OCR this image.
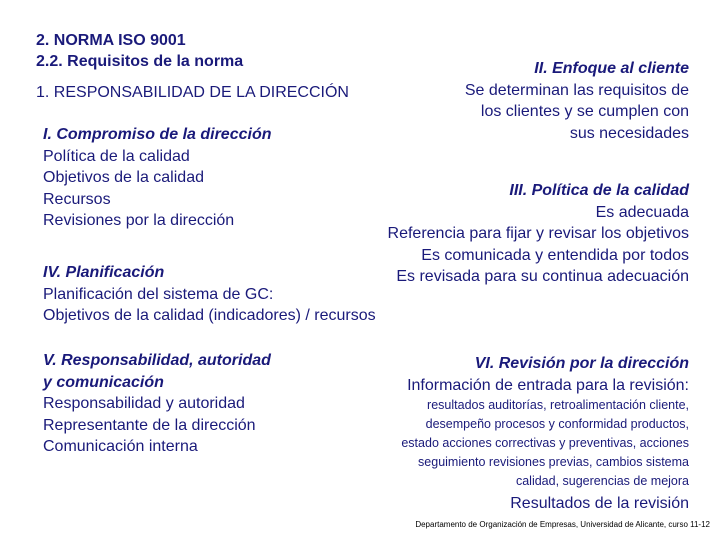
2. NORMA ISO 9001
2.2. Requisitos de la norma
1. RESPONSABILIDAD DE LA DIRECCIÓN
I. Compromiso de la dirección
Política de la calidad
Objetivos de la calidad
Recursos
Revisiones por la dirección
IV. Planificación
Planificación del sistema de GC:
Objetivos de la calidad (indicadores) / recursos
V. Responsabilidad, autoridad
y comunicación
Responsabilidad y autoridad
Representante de la dirección
Comunicación interna
II. Enfoque al cliente
Se determinan las requisitos de
los clientes y se cumplen con
sus necesidades
III. Política de la calidad
Es adecuada
Referencia para fijar y revisar los objetivos
Es comunicada y entendida por todos
Es revisada para su continua adecuación
VI. Revisión por la dirección
Información de entrada para la revisión:
resultados auditorías, retroalimentación cliente,
desempeño procesos y conformidad productos,
estado acciones correctivas y preventivas, acciones
seguimiento revisiones previas, cambios sistema
calidad, sugerencias de mejora
Resultados de la revisión
Departamento de Organización de Empresas, Universidad de Alicante, curso 11-12
